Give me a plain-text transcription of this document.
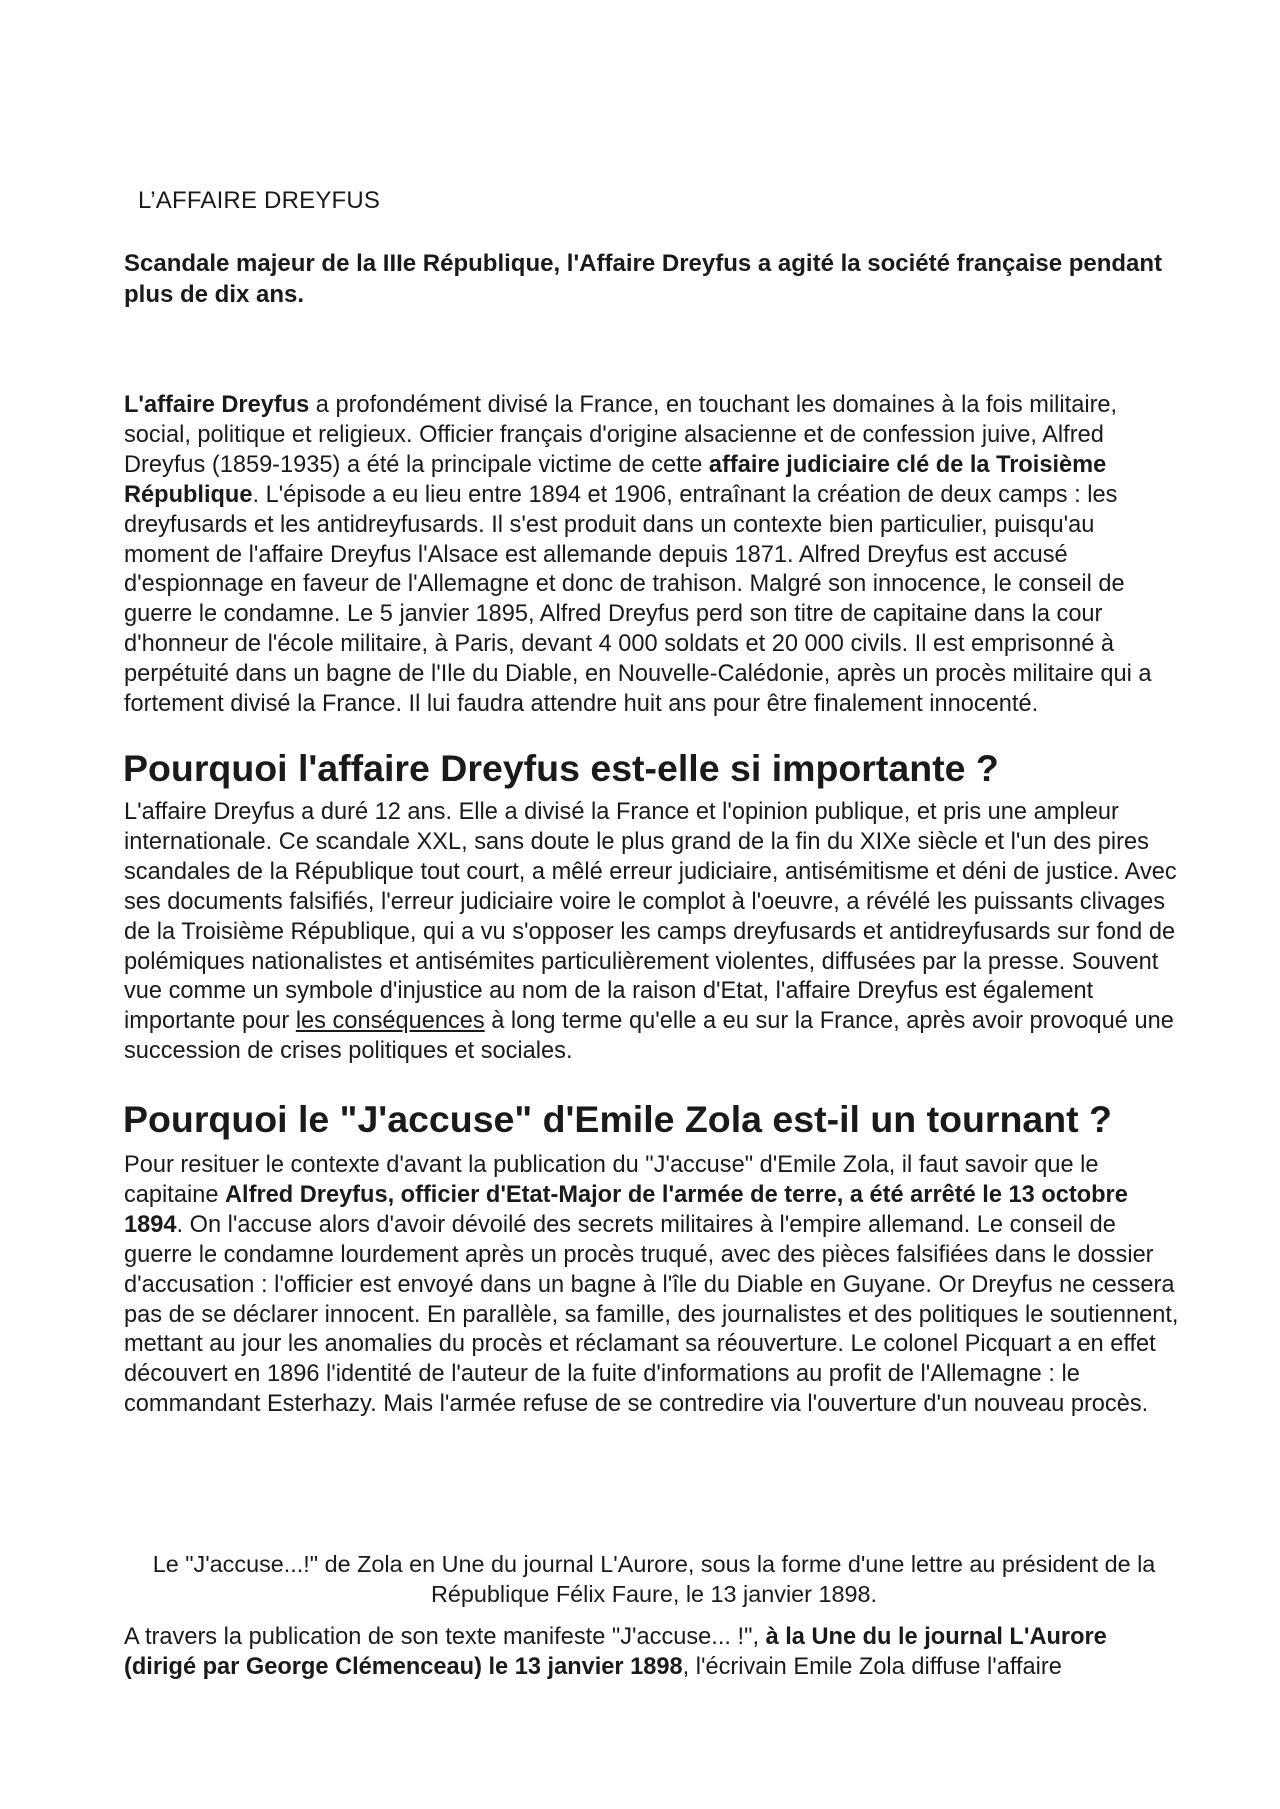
L’AFFAIRE DREYFUS
Scandale majeur de la IIIe République, l'Affaire Dreyfus a agité la société française pendant plus de dix ans.
L'affaire Dreyfus a profondément divisé la France, en touchant les domaines à la fois militaire, social, politique et religieux. Officier français d'origine alsacienne et de confession juive, Alfred Dreyfus (1859-1935) a été la principale victime de cette affaire judiciaire clé de la Troisième République. L'épisode a eu lieu entre 1894 et 1906, entraînant la création de deux camps : les dreyfusards et les antidreyfusards. Il s'est produit dans un contexte bien particulier, puisqu'au moment de l'affaire Dreyfus l'Alsace est allemande depuis 1871. Alfred Dreyfus est accusé d'espionnage en faveur de l'Allemagne et donc de trahison. Malgré son innocence, le conseil de guerre le condamne. Le 5 janvier 1895, Alfred Dreyfus perd son titre de capitaine dans la cour d'honneur de l'école militaire, à Paris, devant 4 000 soldats et 20 000 civils. Il est emprisonné à perpétuité dans un bagne de l'Ile du Diable, en Nouvelle-Calédonie, après un procès militaire qui a fortement divisé la France. Il lui faudra attendre huit ans pour être finalement innocenté.
Pourquoi l'affaire Dreyfus est-elle si importante ?
L'affaire Dreyfus a duré 12 ans. Elle a divisé la France et l'opinion publique, et pris une ampleur internationale. Ce scandale XXL, sans doute le plus grand de la fin du XIXe siècle et l'un des pires scandales de la République tout court, a mêlé erreur judiciaire, antisémitisme et déni de justice. Avec ses documents falsifiés, l'erreur judiciaire voire le complot à l'oeuvre, a révélé les puissants clivages de la Troisième République, qui a vu s'opposer les camps dreyfusards et antidreyfusards sur fond de polémiques nationalistes et antisémites particulièrement violentes, diffusées par la presse. Souvent vue comme un symbole d'injustice au nom de la raison d'Etat, l'affaire Dreyfus est également importante pour les conséquences à long terme qu'elle a eu sur la France, après avoir provoqué une succession de crises politiques et sociales.
Pourquoi le "J'accuse" d'Emile Zola est-il un tournant ?
Pour resituer le contexte d'avant la publication du "J'accuse" d'Emile Zola, il faut savoir que le capitaine Alfred Dreyfus, officier d'Etat-Major de l'armée de terre, a été arrêté le 13 octobre 1894. On l'accuse alors d'avoir dévoilé des secrets militaires à l'empire allemand. Le conseil de guerre le condamne lourdement après un procès truqué, avec des pièces falsifiées dans le dossier d'accusation : l'officier est envoyé dans un bagne à l'île du Diable en Guyane. Or Dreyfus ne cessera pas de se déclarer innocent. En parallèle, sa famille, des journalistes et des politiques le soutiennent, mettant au jour les anomalies du procès et réclamant sa réouverture. Le colonel Picquart a en effet découvert en 1896 l'identité de l'auteur de la fuite d'informations au profit de l'Allemagne : le commandant Esterhazy. Mais l'armée refuse de se contredire via l'ouverture d'un nouveau procès.
Le "J'accuse...!" de Zola en Une du journal L'Aurore, sous la forme d'une lettre au président de la République Félix Faure, le 13 janvier 1898.
A travers la publication de son texte manifeste "J'accuse... !", à la Une du le journal L'Aurore (dirigé par George Clémenceau) le 13 janvier 1898, l'écrivain Emile Zola diffuse l'affaire
